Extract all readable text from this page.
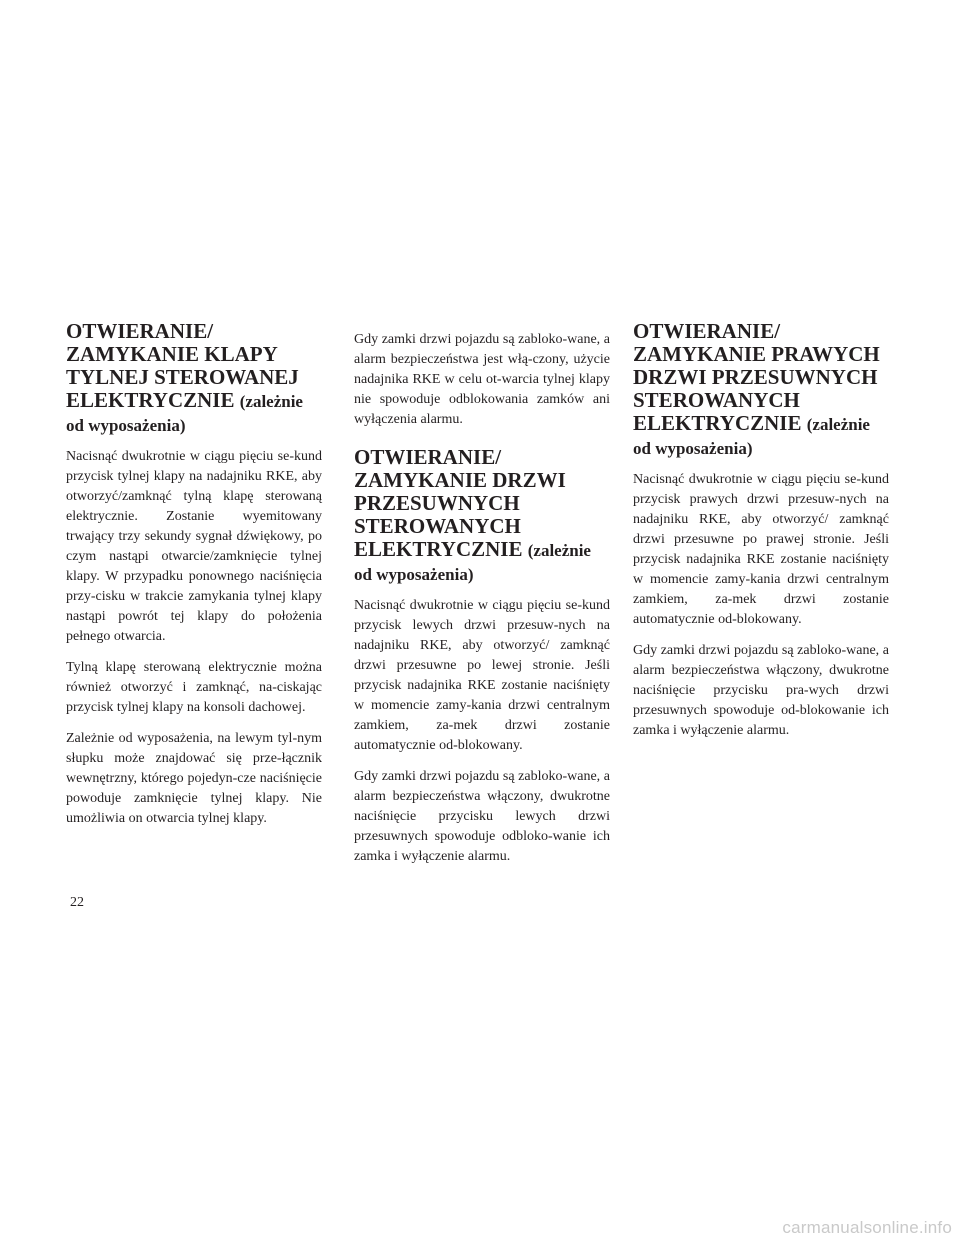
OTWIERANIE/ ZAMYKANIE KLAPY TYLNEJ STEROWANEJ ELEKTRYCZNIE (zależnie od wyposażenia)

Nacisnąć dwukrotnie w ciągu pięciu se-kund przycisk tylnej klapy na nadajniku RKE, aby otworzyć/zamknąć tylną klapę sterowaną elektrycznie. Zostanie wyemitowany trwający trzy sekundy sygnał dźwiękowy, po czym nastąpi otwarcie/zamknięcie tylnej klapy. W przypadku ponownego naciśnięcia przy-cisku w trakcie zamykania tylnej klapy nastąpi powrót tej klapy do położenia pełnego otwarcia.

Tylną klapę sterowaną elektrycznie można również otworzyć i zamknąć, na-ciskając przycisk tylnej klapy na konsoli dachowej.

Zależnie od wyposażenia, na lewym tyl-nym słupku może znajdować się prze-łącznik wewnętrzny, którego pojedyn-cze naciśnięcie powoduje zamknięcie tylnej klapy. Nie umożliwia on otwarcia tylnej klapy.

Gdy zamki drzwi pojazdu są zabloko-wane, a alarm bezpieczeństwa jest włą-czony, użycie nadajnika RKE w celu ot-warcia tylnej klapy nie spowoduje odblokowania zamków ani wyłączenia alarmu.

OTWIERANIE/ ZAMYKANIE DRZWI PRZESUWNYCH STEROWANYCH ELEKTRYCZNIE (zależnie od wyposażenia)

Nacisnąć dwukrotnie w ciągu pięciu se-kund przycisk lewych drzwi przesuw-nych na nadajniku RKE, aby otworzyć/ zamknąć drzwi przesuwne po lewej stronie. Jeśli przycisk nadajnika RKE zostanie naciśnięty w momencie zamy-kania drzwi centralnym zamkiem, za-mek drzwi zostanie automatycznie od-blokowany.

Gdy zamki drzwi pojazdu są zabloko-wane, a alarm bezpieczeństwa włączony, dwukrotne naciśnięcie przycisku lewych drzwi przesuwnych spowoduje odbloko-wanie ich zamka i wyłączenie alarmu.

OTWIERANIE/ ZAMYKANIE PRAWYCH DRZWI PRZESUWNYCH STEROWANYCH ELEKTRYCZNIE (zależnie od wyposażenia)

Nacisnąć dwukrotnie w ciągu pięciu se-kund przycisk prawych drzwi przesuw-nych na nadajniku RKE, aby otworzyć/ zamknąć drzwi przesuwne po prawej stronie. Jeśli przycisk nadajnika RKE zostanie naciśnięty w momencie zamy-kania drzwi centralnym zamkiem, za-mek drzwi zostanie automatycznie od-blokowany.

Gdy zamki drzwi pojazdu są zabloko-wane, a alarm bezpieczeństwa włączony, dwukrotne naciśnięcie przycisku pra-wych drzwi przesuwnych spowoduje od-blokowanie ich zamka i wyłączenie alarmu.

22
carmanualsonline.info
